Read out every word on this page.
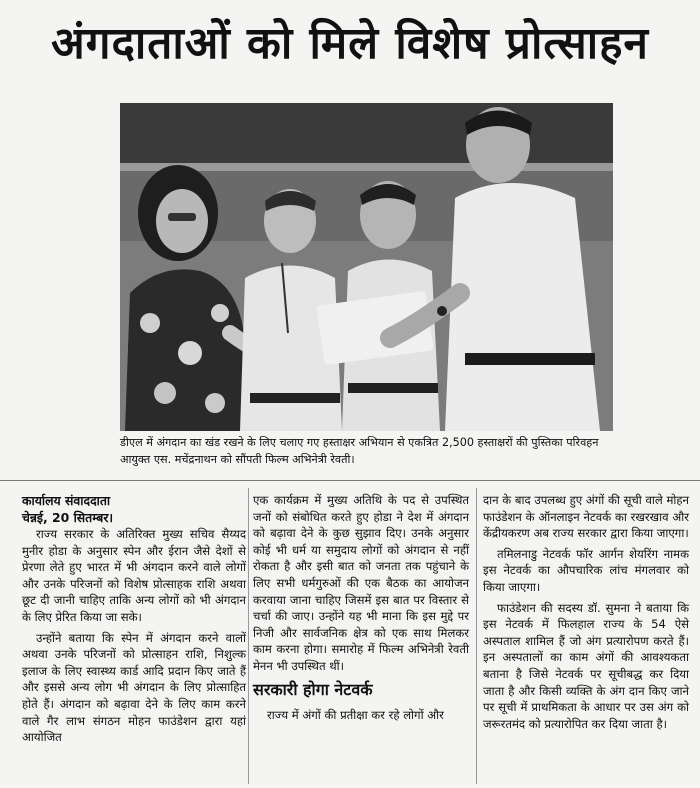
अंगदाताओं को मिले विशेष प्रोत्साहन
डीएल में अंगदान का खंड रखने के लिए चलाए गए हस्ताक्षर अभियान से एकत्रित 2,500 हस्ताक्षरों की पुस्तिका परिवहन आयुक्त एस. मचेंद्रनाथन को सौंपती फिल्म अभिनेत्री रेवती।
कार्यालय संवाददाता
चेन्नई, 20 सितम्बर।

राज्य सरकार के अतिरिक्त मुख्य सचिव सैय्यद मुनीर होडा के अनुसार स्पेन और ईरान जैसे देशों से प्रेरणा लेते हुए भारत में भी अंगदान करने वाले लोगों और उनके परिजनों को विशेष प्रोत्साहक राशि अथवा छूट दी जानी चाहिए ताकि अन्य लोगों को भी अंगदान के लिए प्रेरित किया जा सके।

उन्होंने बताया कि स्पेन में अंगदान करने वालों अथवा उनके परिजनों को प्रोत्साहन राशि, निशुल्क इलाज के लिए स्वास्थ्य कार्ड आदि प्रदान किए जाते हैं और इससे अन्य लोग भी अंगदान के लिए प्रोत्साहित होते हैं। अंगदान को बढ़ावा देने के लिए काम करने वाले गैर लाभ संगठन मोहन फाउंडेशन द्वारा यहां आयोजित

एक कार्यक्रम में मुख्य अतिथि के पद से उपस्थित जनों को संबोधित करते हुए होडा ने देश में अंगदान को बढ़ावा देने के कुछ सुझाव दिए। उनके अनुसार कोई भी धर्म या समुदाय लोगों को अंगदान से नहीं रोकता है और इसी बात को जनता तक पहुंचाने के लिए सभी धर्मगुरुओं की एक बैठक का आयोजन करवाया जाना चाहिए जिसमें इस बात पर विस्तार से चर्चा की जाए। उन्होंने यह भी माना कि इस मुद्दे पर निजी और सार्वजनिक क्षेत्र को एक साथ मिलकर काम करना होगा। समारोह में फिल्म अभिनेत्री रेवती मेनन भी उपस्थित थीं।

सरकारी होगा नेटवर्क

राज्य में अंगों की प्रतीक्षा कर रहे लोगों और

दान के बाद उपलब्ध हुए अंगों की सूची वाले मोहन फाउंडेशन के ऑनलाइन नेटवर्क का रखरखाव और केंद्रीयकरण अब राज्य सरकार द्वारा किया जाएगा।

तमिलनाडु नेटवर्क फॉर आर्गन शेयरिंग नामक इस नेटवर्क का औपचारिक लांच मंगलवार को किया जाएगा।

फाउंडेशन की सदस्य डॉ. सुमना ने बताया कि इस नेटवर्क में फिलहाल राज्य के 54 ऐसे अस्पताल शामिल हैं जो अंग प्रत्यारोपण करते हैं। इन अस्पतालों का काम अंगों की आवश्यकता बताना है जिसे नेटवर्क पर सूचीबद्ध कर दिया जाता है और किसी व्यक्ति के अंग दान किए जाने पर सूची में प्राथमिकता के आधार पर उस अंग को जरूरतमंद को प्रत्यारोपित कर दिया जाता है।
